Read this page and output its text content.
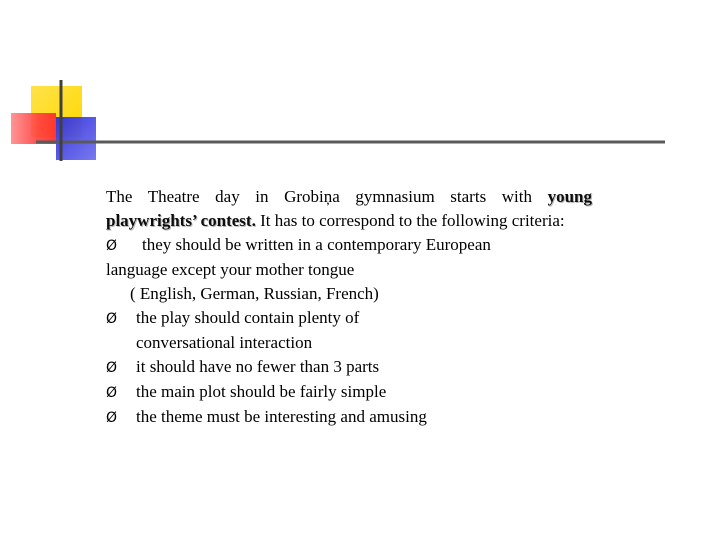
The Theatre day in Grobiņa gymnasium starts with young playwrights’ contest. It has to correspond to the following criteria:

Ø they should be written in a contemporary European
language except your mother tongue
( English, German, Russian, French)
Ø the play should contain plenty of
conversational interaction
Ø it should have no fewer than 3 parts
Ø the main plot should be fairly simple
Ø the theme must be interesting and amusing
